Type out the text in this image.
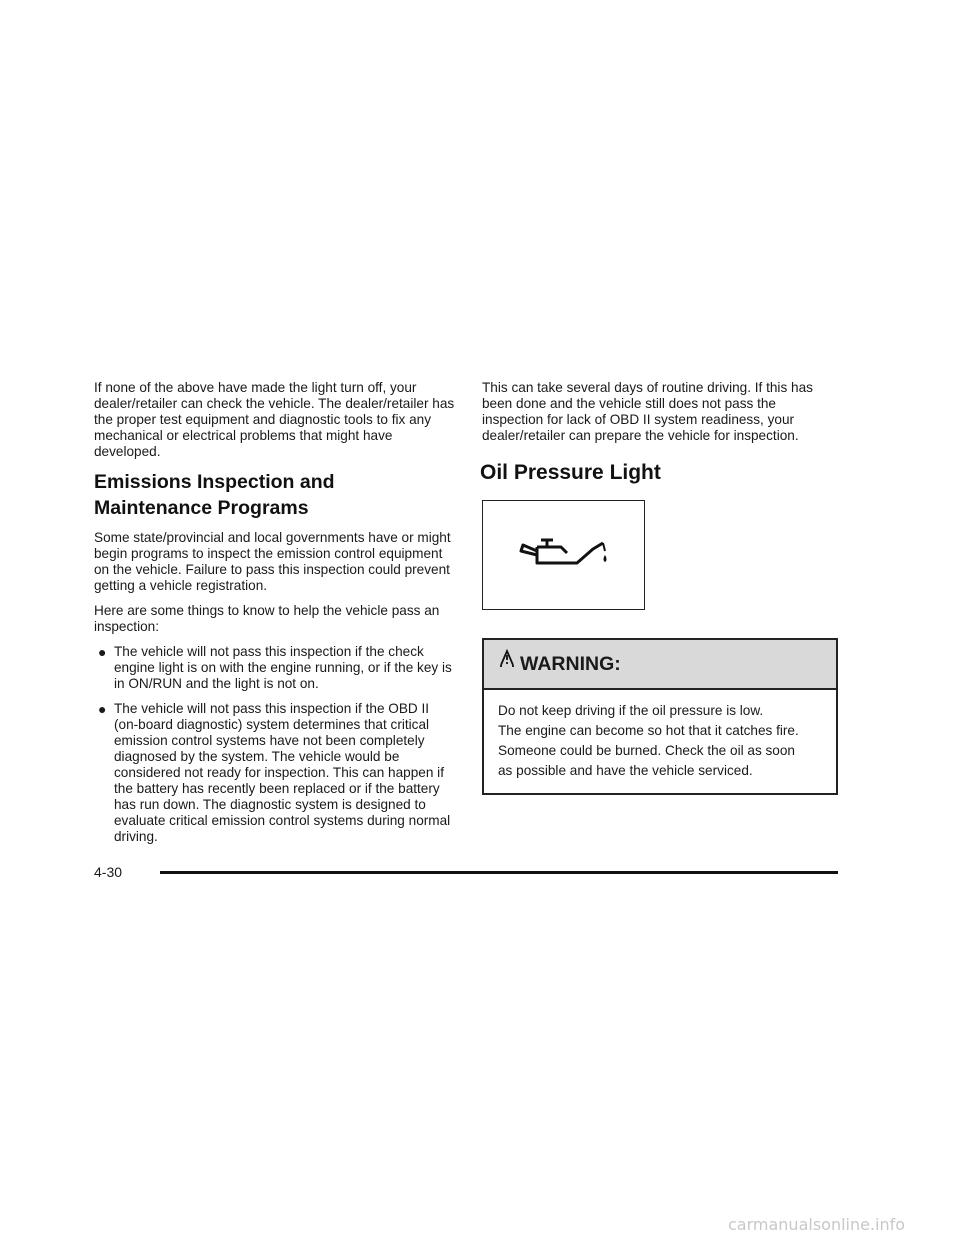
If none of the above have made the light turn off, your dealer/retailer can check the vehicle. The dealer/retailer has the proper test equipment and diagnostic tools to fix any mechanical or electrical problems that might have developed.

Emissions Inspection and Maintenance Programs

Some state/provincial and local governments have or might begin programs to inspect the emission control equipment on the vehicle. Failure to pass this inspection could prevent getting a vehicle registration.

Here are some things to know to help the vehicle pass an inspection:

● The vehicle will not pass this inspection if the check engine light is on with the engine running, or if the key is in ON/RUN and the light is not on.
● The vehicle will not pass this inspection if the OBD II (on-board diagnostic) system determines that critical emission control systems have not been completely diagnosed by the system. The vehicle would be considered not ready for inspection. This can happen if the battery has recently been replaced or if the battery has run down. The diagnostic system is designed to evaluate critical emission control systems during normal driving.

This can take several days of routine driving. If this has been done and the vehicle still does not pass the inspection for lack of OBD II system readiness, your dealer/retailer can prepare the vehicle for inspection.

Oil Pressure Light
WARNING:

Do not keep driving if the oil pressure is low.

The engine can become so hot that it catches fire.

Someone could be burned. Check the oil as soon

as possible and have the vehicle serviced.

4-30
carmanualsonline.info
